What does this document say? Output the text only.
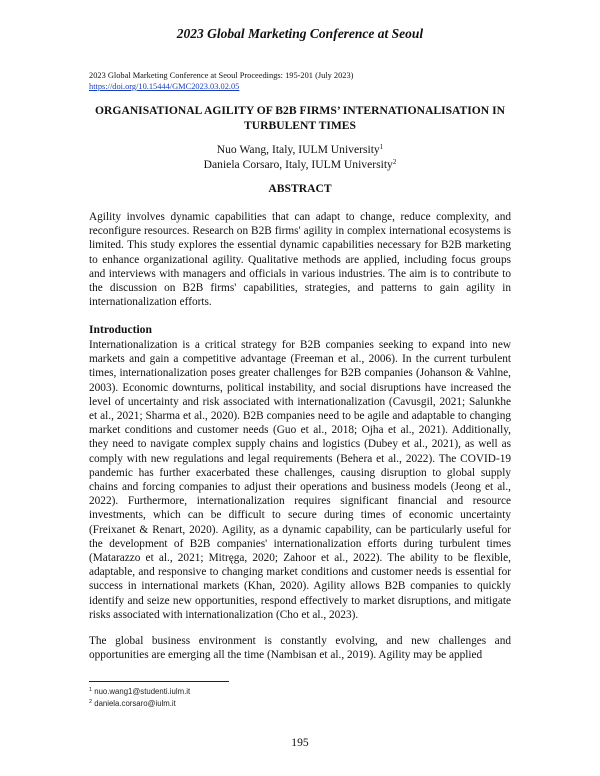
2023 Global Marketing Conference at Seoul
2023 Global Marketing Conference at Seoul Proceedings: 195-201 (July 2023)
https://doi.org/10.15444/GMC2023.03.02.05
ORGANISATIONAL AGILITY OF B2B FIRMS’ INTERNATIONALISATION IN TURBULENT TIMES
Nuo Wang, Italy, IULM University$^1$
Daniela Corsaro, Italy, IULM University$^2$
ABSTRACT

Agility involves dynamic capabilities that can adapt to change, reduce complexity, and reconfigure resources. Research on B2B firms' agility in complex international ecosystems is limited. This study explores the essential dynamic capabilities necessary for B2B marketing to enhance organizational agility. Qualitative methods are applied, including focus groups and interviews with managers and officials in various industries. The aim is to contribute to the discussion on B2B firms' capabilities, strategies, and patterns to gain agility in internationalization efforts.

Introduction

Internationalization is a critical strategy for B2B companies seeking to expand into new markets and gain a competitive advantage (Freeman et al., 2006). In the current turbulent times, internationalization poses greater challenges for B2B companies (Johanson & Vahlne, 2003). Economic downturns, political instability, and social disruptions have increased the level of uncertainty and risk associated with internationalization (Cavusgil, 2021; Salunkhe et al., 2021; Sharma et al., 2020). B2B companies need to be agile and adaptable to changing market conditions and customer needs (Guo et al., 2018; Ojha et al., 2021). Additionally, they need to navigate complex supply chains and logistics (Dubey et al., 2021), as well as comply with new regulations and legal requirements (Behera et al., 2022). The COVID-19 pandemic has further exacerbated these challenges, causing disruption to global supply chains and forcing companies to adjust their operations and business models (Jeong et al., 2022). Furthermore, internationalization requires significant financial and resource investments, which can be difficult to secure during times of economic uncertainty (Freixanet & Renart, 2020). Agility, as a dynamic capability, can be particularly useful for the development of B2B companies' internationalization efforts during turbulent times (Matarazzo et al., 2021; Mitręga, 2020; Zahoor et al., 2022). The ability to be flexible, adaptable, and responsive to changing market conditions and customer needs is essential for success in international markets (Khan, 2020). Agility allows B2B companies to quickly identify and seize new opportunities, respond effectively to market disruptions, and mitigate risks associated with internationalization (Cho et al., 2023).

The global business environment is constantly evolving, and new challenges and opportunities are emerging all the time (Nambisan et al., 2019). Agility may be applied

$^1$ nuo.wang1@studenti.iulm.it
$^2$ daniela.corsaro@iulm.it
195
